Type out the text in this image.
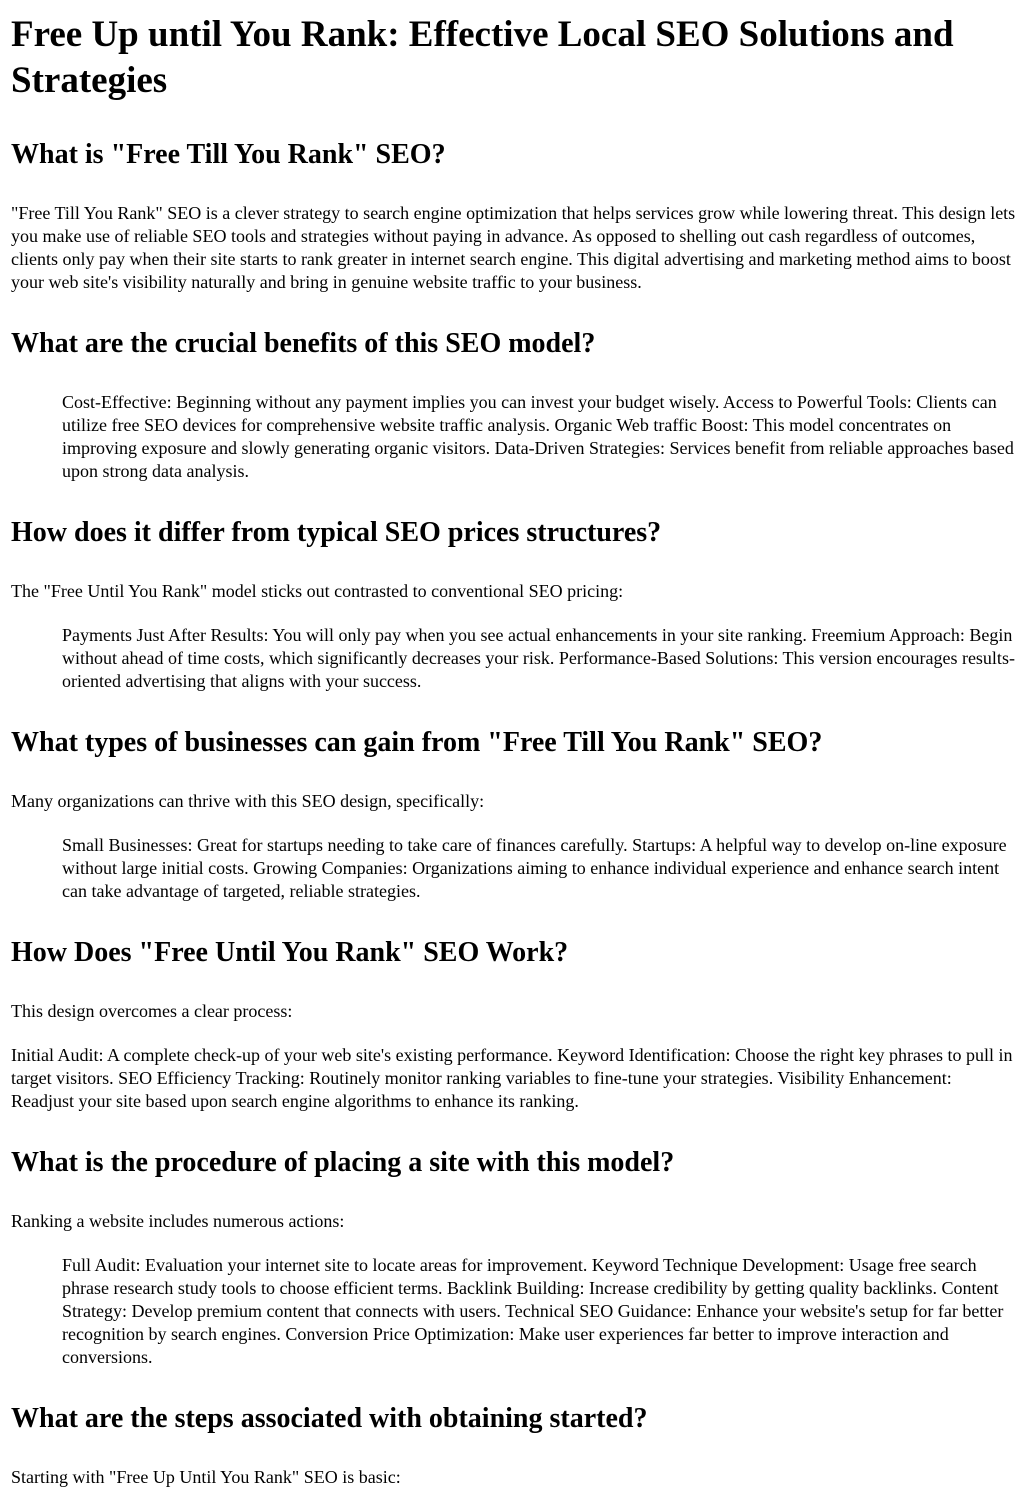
Free Up until You Rank: Effective Local SEO Solutions and Strategies
What is "Free Till You Rank" SEO?

"Free Till You Rank" SEO is a clever strategy to search engine optimization that helps services grow while lowering threat. This design lets you make use of reliable SEO tools and strategies without paying in advance. As opposed to shelling out cash regardless of outcomes, clients only pay when their site starts to rank greater in internet search engine. This digital advertising and marketing method aims to boost your web site's visibility naturally and bring in genuine website traffic to your business.

What are the crucial benefits of this SEO model?
Cost-Effective: Beginning without any payment implies you can invest your budget wisely. Access to Powerful Tools: Clients can utilize free SEO devices for comprehensive website traffic analysis. Organic Web traffic Boost: This model concentrates on improving exposure and slowly generating organic visitors. Data-Driven Strategies: Services benefit from reliable approaches based upon strong data analysis.
How does it differ from typical SEO prices structures?

The "Free Until You Rank" model sticks out contrasted to conventional SEO pricing:

Payments Just After Results: You will only pay when you see actual enhancements in your site ranking. Freemium Approach: Begin without ahead of time costs, which significantly decreases your risk. Performance-Based Solutions: This version encourages results-oriented advertising that aligns with your success.
What types of businesses can gain from "Free Till You Rank" SEO?

Many organizations can thrive with this SEO design, specifically:

Small Businesses: Great for startups needing to take care of finances carefully. Startups: A helpful way to develop on-line exposure without large initial costs. Growing Companies: Organizations aiming to enhance individual experience and enhance search intent can take advantage of targeted, reliable strategies.
How Does "Free Until You Rank" SEO Work?

This design overcomes a clear process:

Initial Audit: A complete check-up of your web site's existing performance. Keyword Identification: Choose the right key phrases to pull in target visitors. SEO Efficiency Tracking: Routinely monitor ranking variables to fine-tune your strategies. Visibility Enhancement: Readjust your site based upon search engine algorithms to enhance its ranking.

What is the procedure of placing a site with this model?

Ranking a website includes numerous actions:

Full Audit: Evaluation your internet site to locate areas for improvement. Keyword Technique Development: Usage free search phrase research study tools to choose efficient terms. Backlink Building: Increase credibility by getting quality backlinks. Content Strategy: Develop premium content that connects with users. Technical SEO Guidance: Enhance your website's setup for far better recognition by search engines. Conversion Price Optimization: Make user experiences far better to improve interaction and conversions.
What are the steps associated with obtaining started?

Starting with "Free Up Until You Rank" SEO is basic:
